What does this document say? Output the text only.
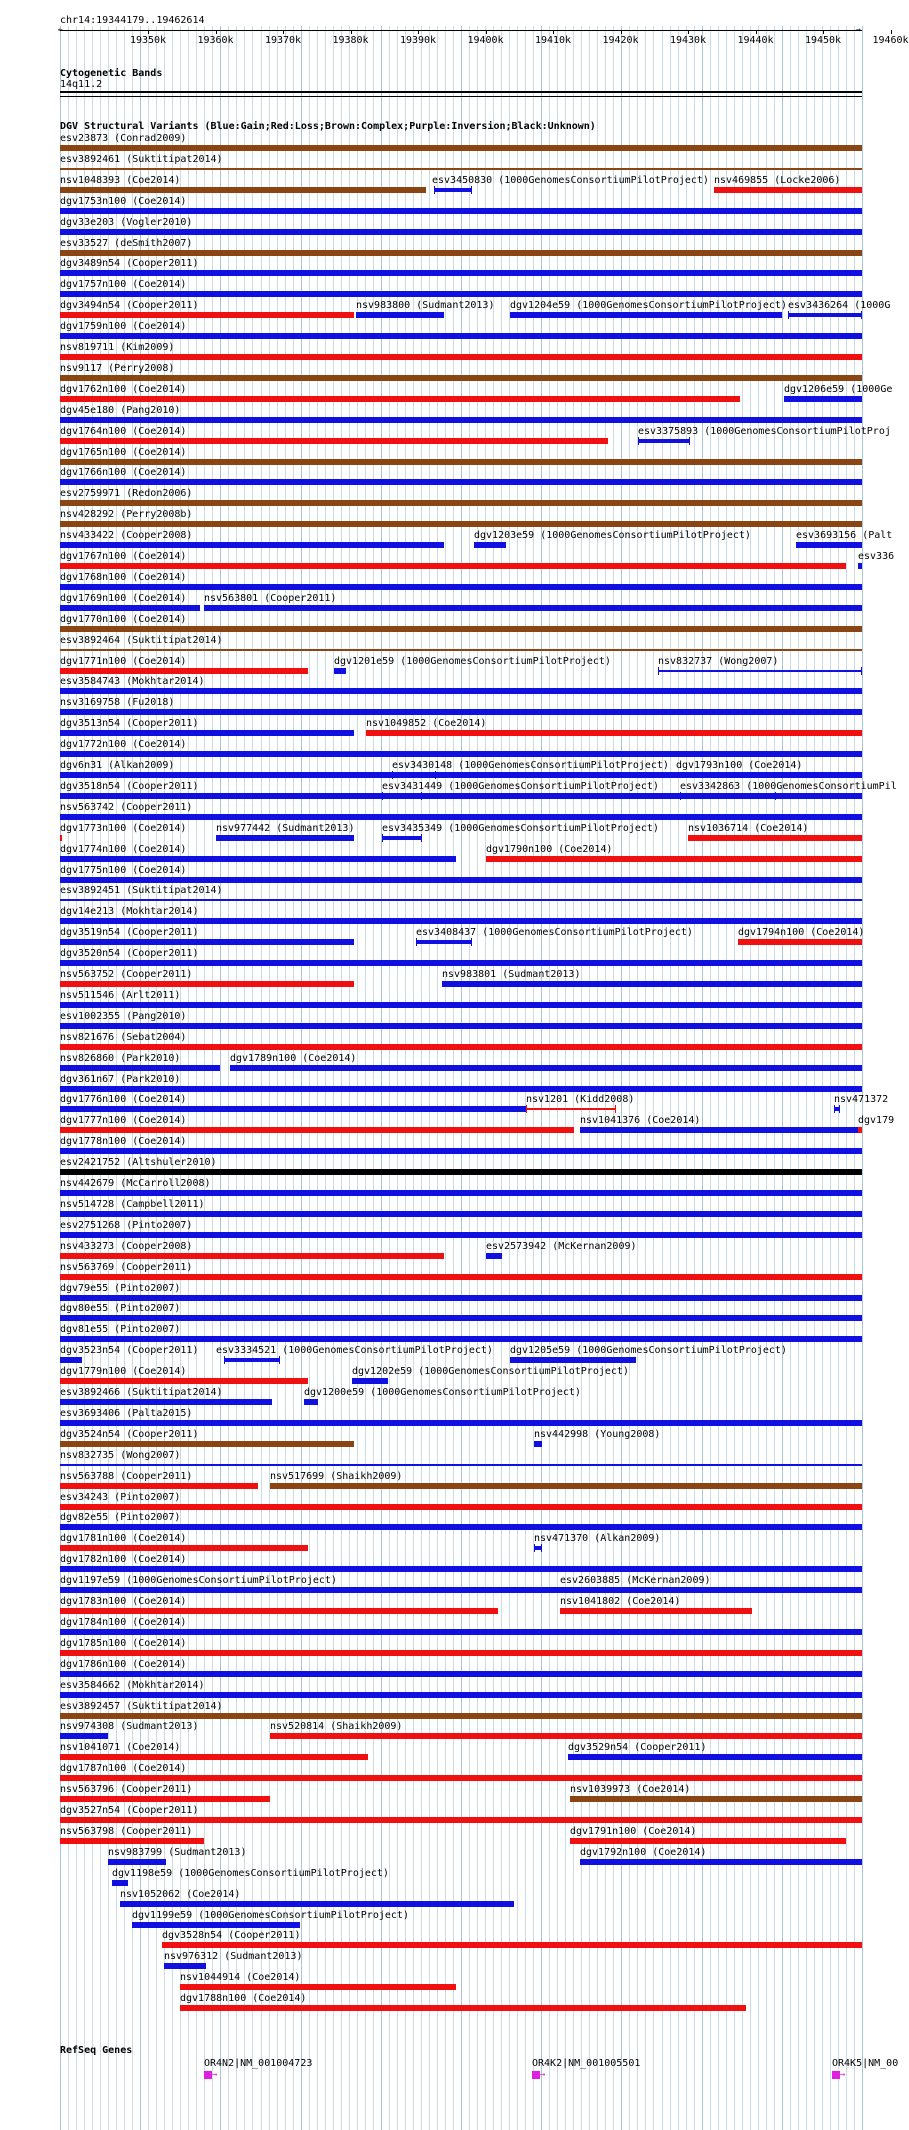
chr14:19344179..19462614
←	→
19350k	19360k	19370k	19380k	19390k	19400k	19410k	19420k	19430k	19440k	19450k	19460k
Cytogenetic Bands
14q11.2
DGV Structural Variants (Blue:Gain;Red:Loss;Brown:Complex;Purple:Inversion;Black:Unknown)
esv23873 (Conrad2009)
esv3892461 (Suktitipat2014)
nsv1048393 (Coe2014)	esv3450830 (1000GenomesConsortiumPilotProject) nsv469855 (Locke2006)
dgv1753n100 (Coe2014)
dgv33e203 (Vogler2010)
esv33527 (deSmith2007)
dgv3489n54 (Cooper2011)
dgv1757n100 (Coe2014)
dgv3494n54 (Cooper2011)	nsv983800 (Sudmant2013) dgv1204e59 (1000GenomesConsortiumPilotProject) esv3436264 (1000G
dgv1759n100 (Coe2014)
nsv819711 (Kim2009)
nsv9117 (Perry2008)
dgv1762n100 (Coe2014)	dgv1206e59 (1000Ge
dgv45e180 (Pang2010)
dgv1764n100 (Coe2014)	esv3375893 (1000GenomesConsortiumPilotProj
dgv1765n100 (Coe2014)
dgv1766n100 (Coe2014)
esv2759971 (Redon2006)
nsv428292 (Perry2008b)
nsv433422 (Cooper2008)	dgv1203e59 (1000GenomesConsortiumPilotProject)	esv3693156 (Palt
dgv1767n100 (Coe2014)	esv336
dgv1768n100 (Coe2014)
dgv1769n100 (Coe2014) nsv563801 (Cooper2011)
dgv1770n100 (Coe2014)
esv3892464 (Suktitipat2014)
dgv1771n100 (Coe2014)	dgv1201e59 (1000GenomesConsortiumPilotProject)	nsv832737 (Wong2007)
esv3584743 (Mokhtar2014)
nsv3169758 (Fu2018)
dgv3513n54 (Cooper2011)	nsv1049852 (Coe2014)
dgv1772n100 (Coe2014)
dgv6n31 (Alkan2009)	esv3430148 (1000GenomesConsortiumPilotProject) dgv1793n100 (Coe2014)
dgv3518n54 (Cooper2011)	esv3431449 (1000GenomesConsortiumPilotProject) esv3342863 (1000GenomesConsortiumPil
nsv563742 (Cooper2011)
dgv1773n100 (Coe2014)	nsv977442 (Sudmant2013)	esv3435349 (1000GenomesConsortiumPilotProject)	nsv1036714 (Coe2014)
dgv1774n100 (Coe2014)	dgv1790n100 (Coe2014)
dgv1775n100 (Coe2014)
esv3892451 (Suktitipat2014)
dgv14e213 (Mokhtar2014)
dgv3519n54 (Cooper2011)	esv3408437 (1000GenomesConsortiumPilotProject)	dgv1794n100 (Coe2014)
dgv3520n54 (Cooper2011)
nsv563752 (Cooper2011)	nsv983801 (Sudmant2013)
nsv511546 (Arlt2011)
esv1002355 (Pang2010)
nsv821676 (Sebat2004)
nsv826860 (Park2010)	dgv1789n100 (Coe2014)
dgv361n67 (Park2010)
dgv1776n100 (Coe2014)	nsv1201 (Kidd2008)	nsv471372
dgv1777n100 (Coe2014)	nsv1041376 (Coe2014)	dgv179
dgv1778n100 (Coe2014)
esv2421752 (Altshuler2010)
nsv442679 (McCarroll2008)
nsv514728 (Campbell2011)
esv2751268 (Pinto2007)
nsv433273 (Cooper2008)	esv2573942 (McKernan2009)
nsv563769 (Cooper2011)
dgv79e55 (Pinto2007)
dgv80e55 (Pinto2007)
dgv81e55 (Pinto2007)
dgv3523n54 (Cooper2011) esv3334521 (1000GenomesConsortiumPilotProject) dgv1205e59 (1000GenomesConsortiumPilotProject)
dgv1779n100 (Coe2014)	dgv1202e59 (1000GenomesConsortiumPilotProject)
esv3892466 (Suktitipat2014)	dgv1200e59 (1000GenomesConsortiumPilotProject)
esv3693406 (Palta2015)
dgv3524n54 (Cooper2011)	nsv442998 (Young2008)
nsv832735 (Wong2007)
nsv563788 (Cooper2011)	nsv517699 (Shaikh2009)
esv34243 (Pinto2007)
dgv82e55 (Pinto2007)
dgv1781n100 (Coe2014)	nsv471370 (Alkan2009)
dgv1782n100 (Coe2014)
dgv1197e59 (1000GenomesConsortiumPilotProject)	esv2603885 (McKernan2009)
dgv1783n100 (Coe2014)	nsv1041802 (Coe2014)
dgv1784n100 (Coe2014)
dgv1785n100 (Coe2014)
dgv1786n100 (Coe2014)
esv3584662 (Mokhtar2014)
esv3892457 (Suktitipat2014)
nsv974308 (Sudmant2013)	nsv520814 (Shaikh2009)
nsv1041071 (Coe2014)	dgv3529n54 (Cooper2011)
dgv1787n100 (Coe2014)
nsv563796 (Cooper2011)	nsv1039973 (Coe2014)
dgv3527n54 (Cooper2011)
nsv563798 (Cooper2011)	dgv1791n100 (Coe2014)
nsv983799 (Sudmant2013)	dgv1792n100 (Coe2014)
dgv1198e59 (1000GenomesConsortiumPilotProject)
nsv1052062 (Coe2014)
dgv1199e59 (1000GenomesConsortiumPilotProject)
dgv3528n54 (Cooper2011)
nsv976312 (Sudmant2013)
nsv1044914 (Coe2014)
dgv1788n100 (Coe2014)
RefSeq Genes
OR4N2|NM_001004723
→
OR4K2|NM_001005501
→
OR4K5|NM_00
→
